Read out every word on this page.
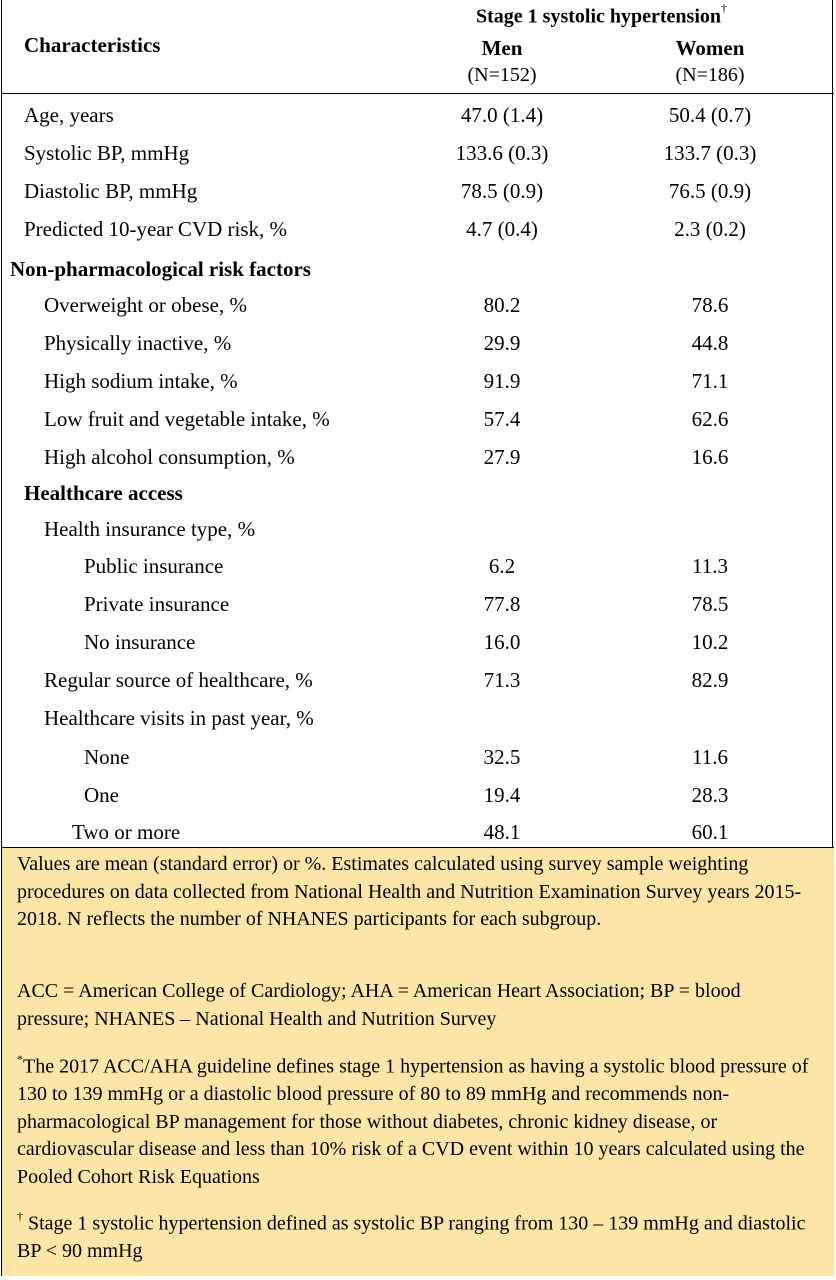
Characteristics
Stage 1 systolic hypertension†
Men
(N=152)
Women
(N=186)
Age, years	47.0 (1.4)	50.4 (0.7)
Systolic BP, mmHg	133.6 (0.3)	133.7 (0.3)
Diastolic BP, mmHg	78.5 (0.9)	76.5 (0.9)
Predicted 10-year CVD risk, %	4.7 (0.4)	2.3 (0.2)
Non-pharmacological risk factors
Overweight or obese, %	80.2	78.6
Physically inactive, %	29.9	44.8
High sodium intake, %	91.9	71.1
Low fruit and vegetable intake, %	57.4	62.6
High alcohol consumption, %	27.9	16.6
Healthcare access
Health insurance type, %
Public insurance	6.2	11.3
Private insurance	77.8	78.5
No insurance	16.0	10.2
Regular source of healthcare, %	71.3	82.9
Healthcare visits in past year, %
None	32.5	11.6
One	19.4	28.3
Two or more	48.1	60.1
Values are mean (standard error) or %. Estimates calculated using survey sample weighting procedures on data collected from National Health and Nutrition Examination Survey years 2015-2018. N reflects the number of NHANES participants for each subgroup.
ACC = American College of Cardiology; AHA = American Heart Association; BP = blood pressure; NHANES – National Health and Nutrition Survey
*The 2017 ACC/AHA guideline defines stage 1 hypertension as having a systolic blood pressure of 130 to 139 mmHg or a diastolic blood pressure of 80 to 89 mmHg and recommends non-pharmacological BP management for those without diabetes, chronic kidney disease, or cardiovascular disease and less than 10% risk of a CVD event within 10 years calculated using the Pooled Cohort Risk Equations
† Stage 1 systolic hypertension defined as systolic BP ranging from 130 – 139 mmHg and diastolic BP < 90 mmHg
